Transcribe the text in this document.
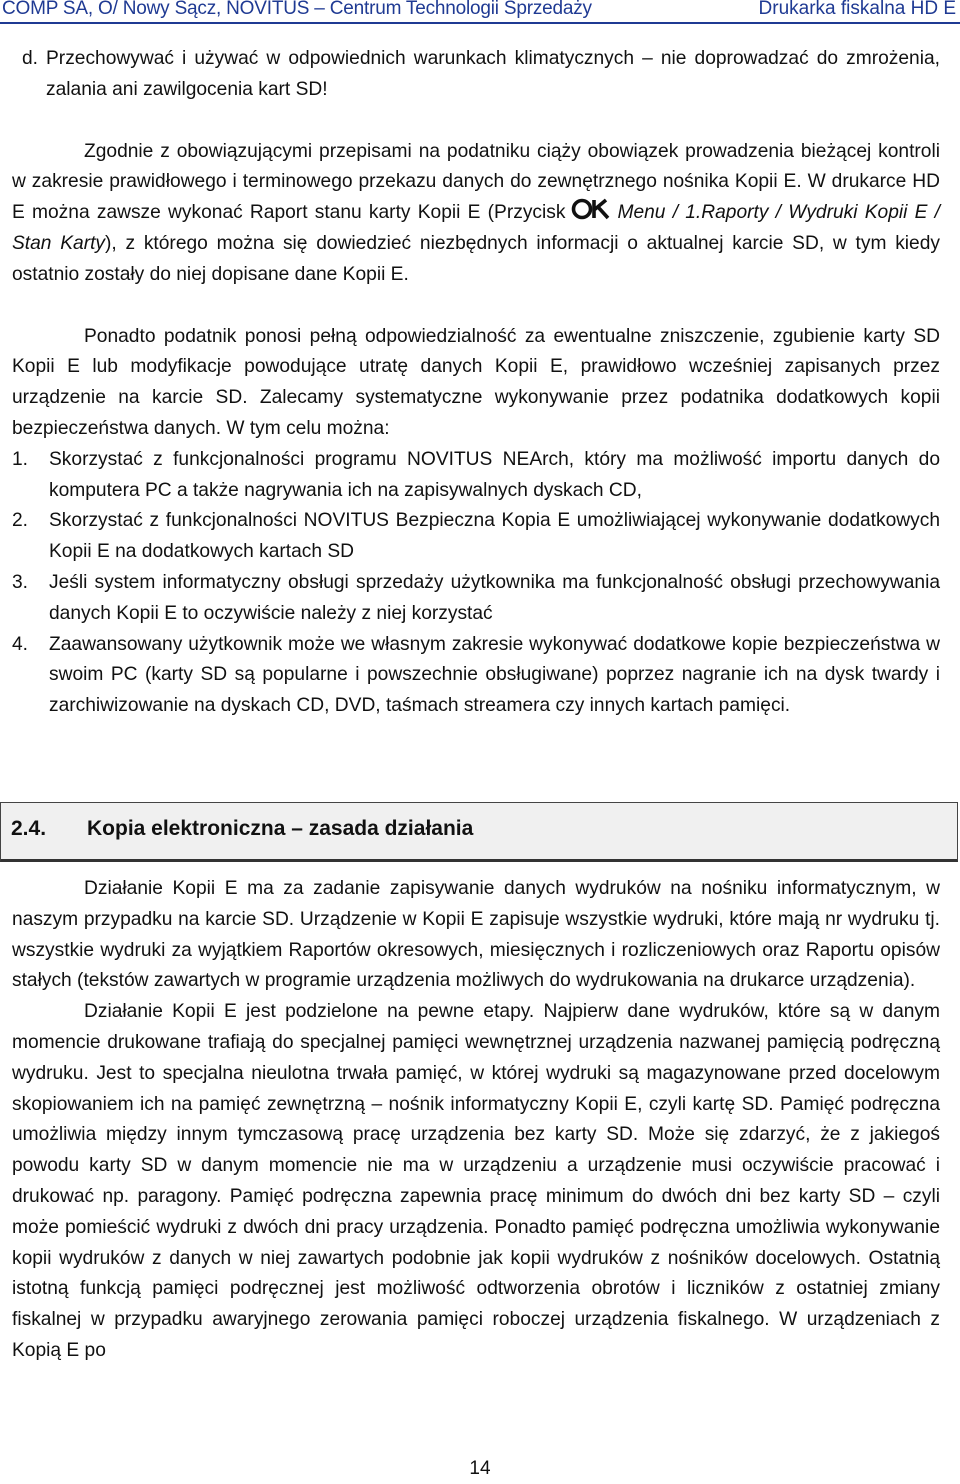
COMP SA, O/ Nowy Sącz, NOVITUS – Centrum Technologii Sprzedaży	Drukarka fiskalna HD E
d. Przechowywać i używać w odpowiednich warunkach klimatycznych – nie doprowadzać do zmrożenia, zalania ani zawilgocenia kart SD!

Zgodnie z obowiązującymi przepisami na podatniku ciąży obowiązek prowadzenia bieżącej kontroli w zakresie prawidłowego i terminowego przekazu danych do zewnętrznego nośnika Kopii E. W drukarce HD E można zawsze wykonać Raport stanu karty Kopii E (Przycisk
OK
Menu / 1.Raporty / Wydruki Kopii E / Stan Karty), z którego można się dowiedzieć niezbędnych informacji o aktualnej karcie SD, w tym kiedy ostatnio zostały do niej dopisane dane Kopii E.

Ponadto podatnik ponosi pełną odpowiedzialność za ewentualne zniszczenie, zgubienie karty SD Kopii E lub modyfikacje powodujące utratę danych Kopii E, prawidłowo wcześniej zapisanych przez urządzenie na karcie SD. Zalecamy systematyczne wykonywanie przez podatnika dodatkowych kopii bezpieczeństwa danych. W tym celu można:

1.	Skorzystać z funkcjonalności programu NOVITUS NEArch, który ma możliwość importu danych do komputera PC a także nagrywania ich na zapisywalnych dyskach CD,
2.	Skorzystać z funkcjonalności NOVITUS Bezpieczna Kopia E umożliwiającej wykonywanie dodatkowych Kopii E na dodatkowych kartach SD
3.	Jeśli system informatyczny obsługi sprzedaży użytkownika ma funkcjonalność obsługi przechowywania danych Kopii E to oczywiście należy z niej korzystać
4.	Zaawansowany użytkownik może we własnym zakresie wykonywać dodatkowe kopie bezpieczeństwa w swoim PC (karty SD są popularne i powszechnie obsługiwane) poprzez nagranie ich na dysk twardy i zarchiwizowanie na dyskach CD, DVD, taśmach streamera czy innych kartach pamięci.
2.4. Kopia elektroniczna – zasada działania

Działanie Kopii E ma za zadanie zapisywanie danych wydruków na nośniku informatycznym, w naszym przypadku na karcie SD. Urządzenie w Kopii E zapisuje wszystkie wydruki, które mają nr wydruku tj. wszystkie wydruki za wyjątkiem Raportów okresowych, miesięcznych i rozliczeniowych oraz Raportu opisów stałych (tekstów zawartych w programie urządzenia możliwych do wydrukowania na drukarce urządzenia).

Działanie Kopii E jest podzielone na pewne etapy. Najpierw dane wydruków, które są w danym momencie drukowane trafiają do specjalnej pamięci wewnętrznej urządzenia nazwanej pamięcią podręczną wydruku. Jest to specjalna nieulotna trwała pamięć, w której wydruki są magazynowane przed docelowym skopiowaniem ich na pamięć zewnętrzną – nośnik informatyczny Kopii E, czyli kartę SD. Pamięć podręczna umożliwia między innym tymczasową pracę urządzenia bez karty SD. Może się zdarzyć, że z jakiegoś powodu karty SD w danym momencie nie ma w urządzeniu a urządzenie musi oczywiście pracować i drukować np. paragony. Pamięć podręczna zapewnia pracę minimum do dwóch dni bez karty SD – czyli może pomieścić wydruki z dwóch dni pracy urządzenia. Ponadto pamięć podręczna umożliwia wykonywanie kopii wydruków z danych w niej zawartych podobnie jak kopii wydruków z nośników docelowych. Ostatnią istotną funkcją pamięci podręcznej jest możliwość odtworzenia obrotów i liczników z ostatniej zmiany fiskalnej w przypadku awaryjnego zerowania pamięci roboczej urządzenia fiskalnego. W urządzeniach z Kopią E po

14
